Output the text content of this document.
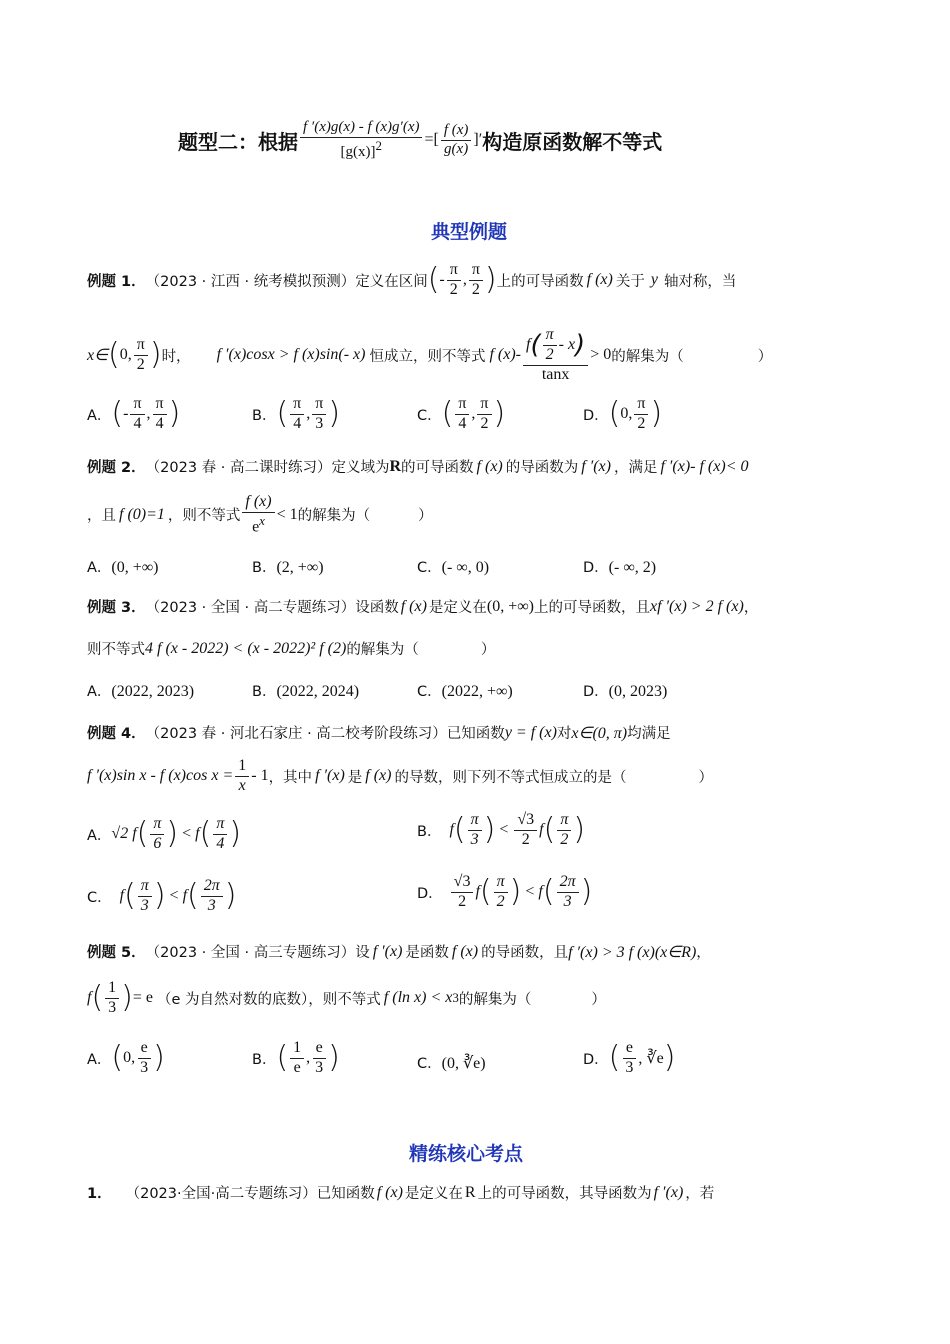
题型二：根据 $\frac{f '(x)g(x) - f (x)g'(x)}{[g(x)]^2}$ =[ $\frac{f (x)}{g(x)}$ ]′ 构造原函数解不等式
典型例题
例题 1． （2023 · 江西 · 统考模拟预测） 定义在区间 ( - $\frac{\pi}{2}$ , $\frac{\pi}{2}$ ) 上的可导函数 f (x) 关于 y 轴对称，当
x∈ ( 0, $\frac{\pi}{2}$ ) 时， f ′(x)cosx > f (x)sin(- x) 恒成立，则不等式 f $(x)- \frac{f ( \frac{\pi}{2} - x )}{\tan x} > 0$ 的解集为（	）
A． ( - $\frac{\pi}{4}$ , $\frac{\pi}{4}$ )	B． ( $\frac{\pi}{4}$ , $\frac{\pi}{3}$ )	C． ( $\frac{\pi}{4}$ , $\frac{\pi}{2}$ )	D． ( 0, $\frac{\pi}{2}$ )
例题 2． （2023 春 · 高二课时练习） 定义域为 R 的可导函数 f (x) 的导函数为 f ′(x) ，满足 f ′(x)- f (x)< 0
，且 f (0)=1 ，则不等式 $\frac{f (x)}{e^x} < 1$ 的解集为（	）
A．(0, +∞)	B．(2, +∞)	C．(- ∞, 0)	D．(- ∞, 2)
例题 3． （2023 · 全国 · 高二专题练习） 设函数 f (x) 是定义在 (0, +∞) 上的可导函数，且 xf ′(x) > 2 f (x) ，
则不等式 4 f (x - 2022) < (x - 2022)² f (2) 的解集为（	）
A．(2022, 2023)	B．(2022, 2024)	C．(2022, +∞)	D．(0, 2023)
例题 4． （2023 春 · 河北石家庄 · 高二校考阶段练习） 已知函数 y = f (x) 对 x∈(0, π) 均满足
f ′(x)sin x - f (x)cos $x = \frac{1}{x} - 1$ ，其中 f ′(x) 是 f (x) 的导数，则下列不等式恒成立的是（	）
A． √2 f ( $\frac{\pi}{6}$ ) < f ( $\frac{\pi}{4}$ )	B． f ( $\frac{\pi}{3}$ ) < $\frac{√3}{2}$ f ( $\frac{\pi}{2}$ )
C． f ( $\frac{\pi}{3}$ ) < f ( $\frac{2\pi}{3}$ )	D． $\frac{√3}{2}$ f ( $\frac{\pi}{2}$ ) < f ( $\frac{2\pi}{3}$ )
例题 5． （2023 · 全国 · 高三专题练习） 设 f ′(x) 是函数 f (x) 的导函数，且 f ′(x) > 3 f (x)(x∈R) ，
f ( $\frac{1}{3}$ ) = e （e 为自然对数的底数），则不等式 f (ln x) < x 3 的解集为（	）
A． ( 0, $\frac{e}{3}$ )	B． ( $\frac{1}{e}$ , $\frac{e}{3}$ )	C．(0, ∛e)	D． ( $\frac{e}{3}$ , ∛e )
精练核心考点
1． （2023·全国·高二专题练习） 已知函数 f (x) 是定义在 R 上的可导函数，其导函数为 f ′(x) ，若
